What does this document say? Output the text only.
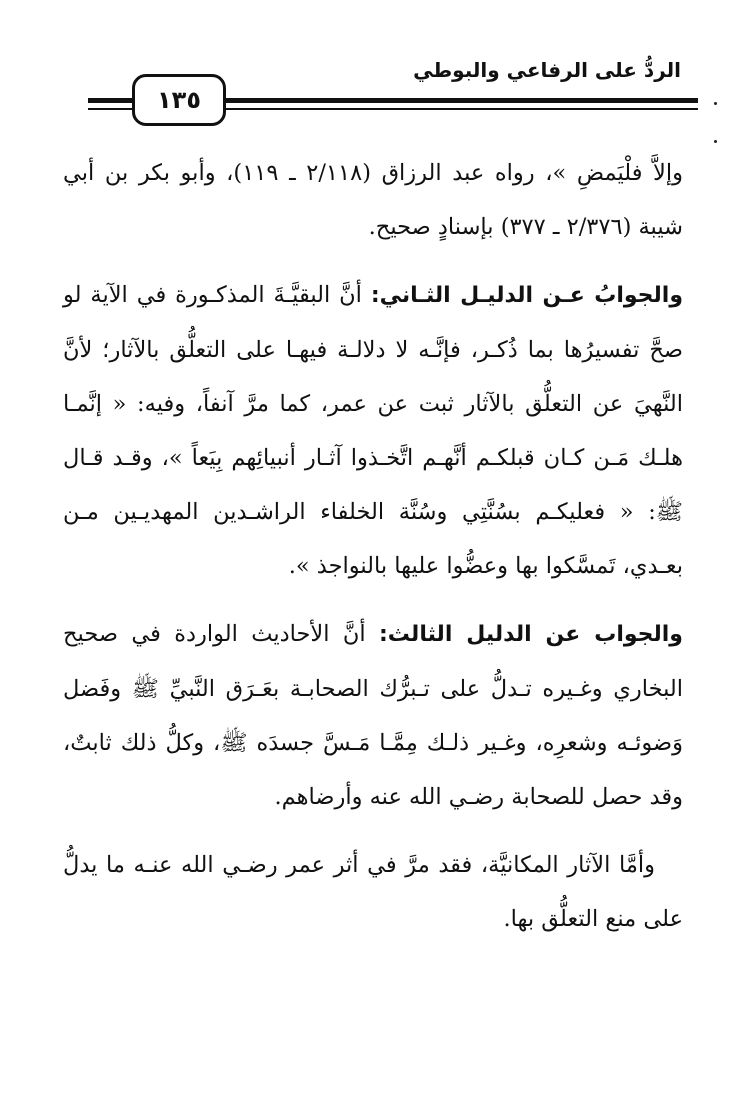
الردُّ على الرفاعي والبوطي
١٣٥

وإلاَّ فلْيَمضِ »، رواه عبد الرزاق (٢/١١٨ ـ ١١٩)، وأبو بكر بن أبي شيبة (٢/٣٧٦ ـ ٣٧٧) بإسنادٍ صحيح.

والجوابُ عـن الدليـل الثـاني: أنَّ البقيَّـةَ المذكـورة في الآية لو صحَّ تفسيرُها بما ذُكـر، فإنَّـه لا دلالـة فيهـا على التعلُّق بالآثار؛ لأنَّ النَّهيَ عن التعلُّق بالآثار ثبت عن عمر، كما مرَّ آنفاً، وفيه: « إنَّمـا هلـك مَـن كـان قبلكـم أنَّهـم اتَّخـذوا آثـار أنبيائِهم بِيَعاً »، وقـد قـال ﷺ: « فعليكـم بسُنَّتِي وسُنَّة الخلفاء الراشـدين المهديـين مـن بعـدي، تَمسَّكوا بها وعضُّوا عليها بالنواجذ ».

والجواب عن الدليل الثالث: أنَّ الأحاديث الواردة في صحيح البخاري وغـيره تـدلُّ على تـبرُّك الصحابـة بعَـرَق النَّبيِّ ﷺ وفَضل وَضوئـه وشعرِه، وغـير ذلـك مِمَّـا مَـسَّ جسدَه ﷺ، وكلُّ ذلك ثابتٌ، وقد حصل للصحابة رضـي الله عنه وأرضاهم.

وأمَّا الآثار المكانيَّة، فقد مرَّ في أثر عمر رضـي الله عنـه ما يدلُّ على منع التعلُّق بها.
